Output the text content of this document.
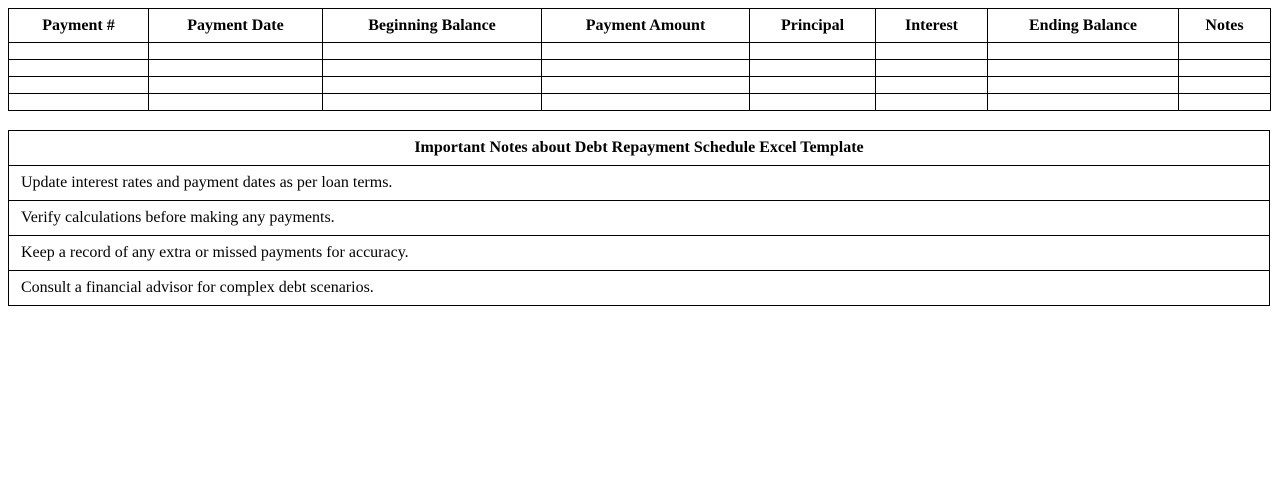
Payment #	Payment Date	Beginning Balance	Payment Amount	Principal	Interest	Ending Balance	Notes

Important Notes about Debt Repayment Schedule Excel Template
Update interest rates and payment dates as per loan terms.
Verify calculations before making any payments.
Keep a record of any extra or missed payments for accuracy.
Consult a financial advisor for complex debt scenarios.
